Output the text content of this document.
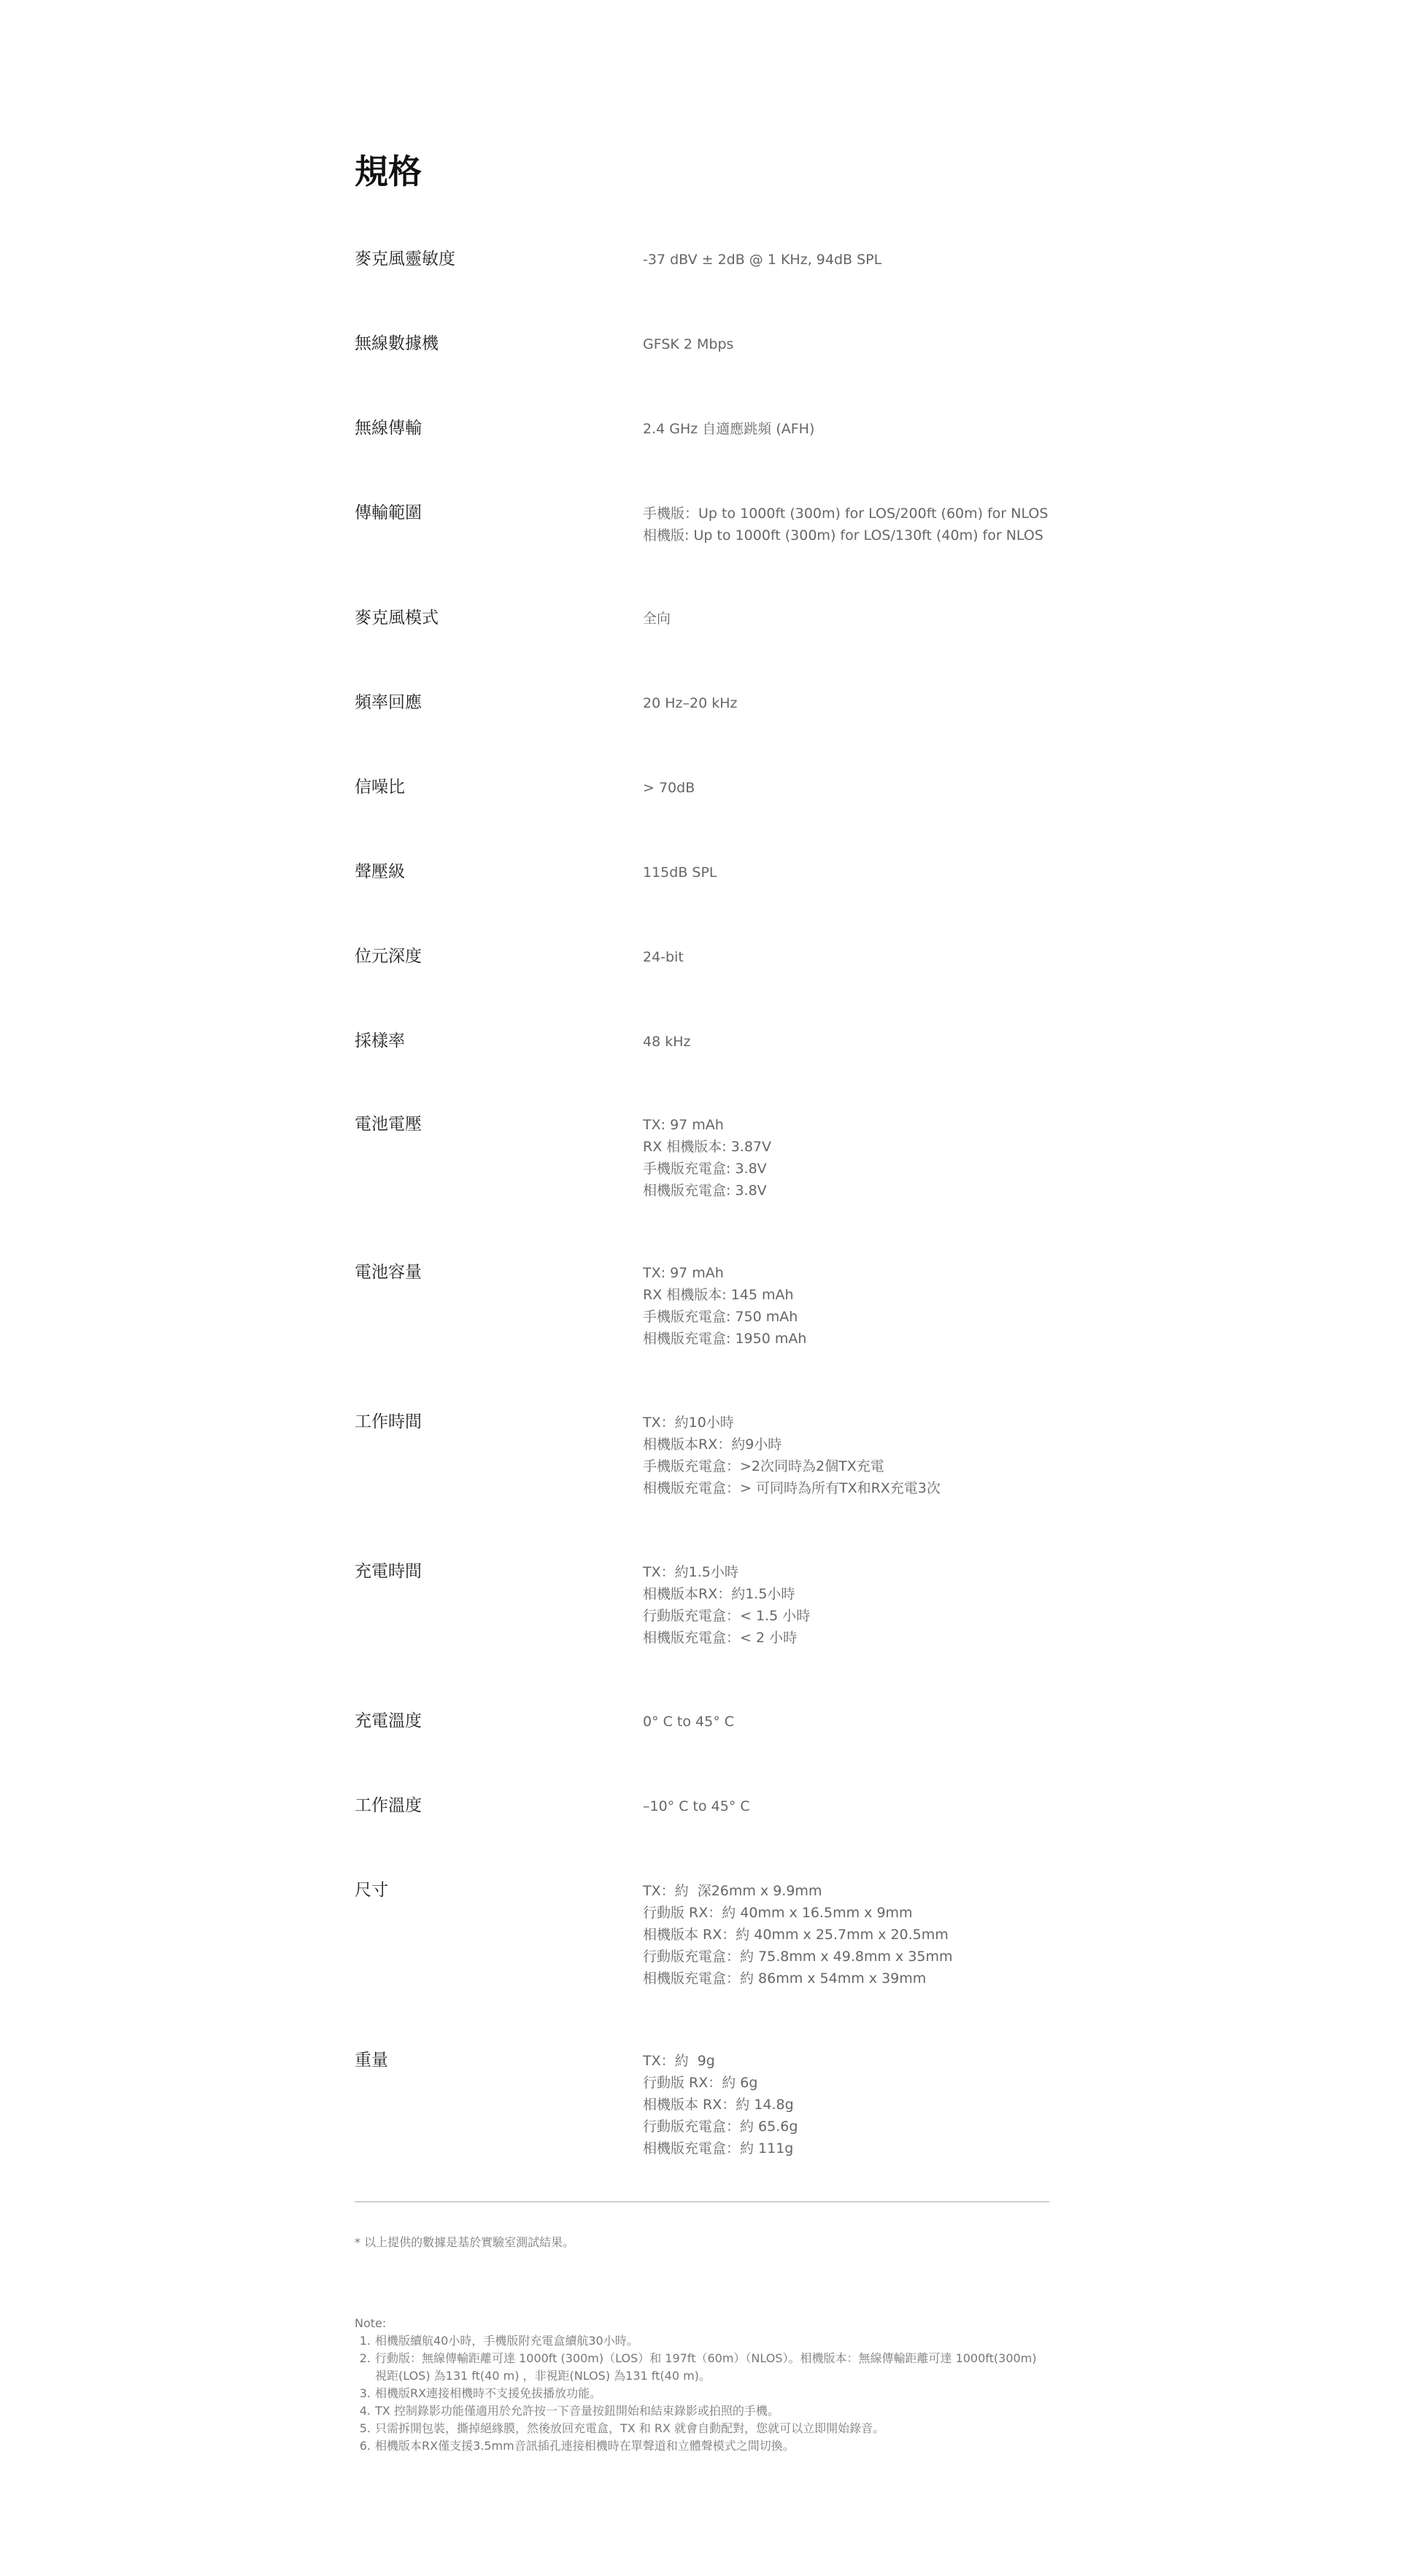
規格
麥克風靈敏度	-37 dBV ± 2dB @ 1 KHz, 94dB SPL
無線數據機	GFSK 2 Mbps
無線傳輸	2.4 GHz 自適應跳頻 (AFH)
傳輸範圍	手機版：Up to 1000ft (300m) for LOS/200ft (60m) for NLOS
相機版: Up to 1000ft (300m) for LOS/130ft (40m) for NLOS
麥克風模式	全向
頻率回應	20 Hz–20 kHz
信噪比	> 70dB
聲壓級	115dB SPL
位元深度	24-bit
採樣率	48 kHz
電池電壓	TX: 97 mAh
RX 相機版本: 3.87V
手機版充電盒: 3.8V
相機版充電盒: 3.8V
電池容量	TX: 97 mAh
RX 相機版本: 145 mAh
手機版充電盒: 750 mAh
相機版充電盒: 1950 mAh
工作時間	TX：約10小時
相機版本RX：約9小時
手機版充電盒：>2次同時為2個TX充電
相機版充電盒：> 可同時為所有TX和RX充電3次
充電時間	TX：約1.5小時
相機版本RX：約1.5小時
行動版充電盒：< 1.5 小時
相機版充電盒：< 2 小時
充電溫度	0° C to 45° C
工作溫度	–10° C to 45° C
尺寸	TX：約  深26mm x 9.9mm
行動版 RX：約 40mm x 16.5mm x 9mm
相機版本 RX：約 40mm x 25.7mm x 20.5mm
行動版充電盒：約 75.8mm x 49.8mm x 35mm
相機版充電盒：約 86mm x 54mm x 39mm
重量	TX：約  9g
行動版 RX：約 6g
相機版本 RX：約 14.8g
行動版充電盒：約 65.6g
相機版充電盒：約 111g
* 以上提供的數據是基於實驗室測試結果。
Note:
1. 相機版續航40小時，手機版附充電盒續航30小時。
2. 行動版：無線傳輸距離可達 1000ft (300m)（LOS）和 197ft（60m）（NLOS）。相機版本：無線傳輸距離可達 1000ft(300m) 視距(LOS) 為131 ft(40 m) ，非視距(NLOS) 為131 ft(40 m)。
3. 相機版RX連接相機時不支援免拔播放功能。
4. TX 控制錄影功能僅適用於允許按一下音量按鈕開始和結束錄影或拍照的手機。
5. 只需拆開包裝，撕掉絕緣膜，然後放回充電盒，TX 和 RX 就會自動配對，您就可以立即開始錄音。
6. 相機版本RX僅支援3.5mm音訊插孔連接相機時在單聲道和立體聲模式之間切換。
